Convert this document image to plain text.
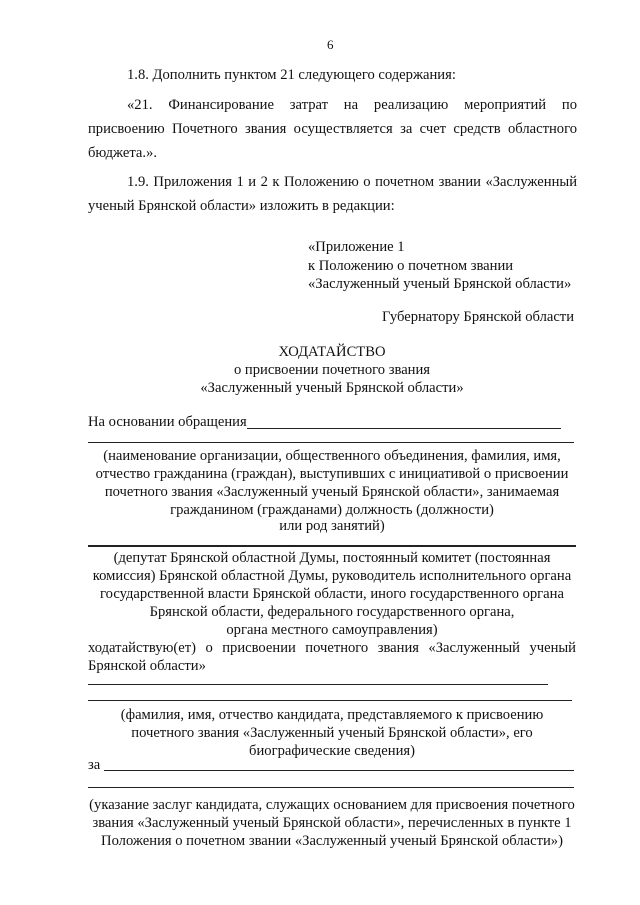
6
1.8. Дополнить пунктом 21 следующего содержания:
«21. Финансирование затрат на реализацию мероприятий по
присвоению Почетного звания осуществляется за счет средств областного
бюджета.».
1.9. Приложения 1 и 2 к Положению о почетном звании «Заслуженный
ученый Брянской области» изложить в редакции:
«Приложение 1
к Положению о почетном звании
«Заслуженный ученый Брянской области»
Губернатору Брянской области
ХОДАТАЙСТВО
о присвоении почетного звания
«Заслуженный ученый Брянской области»
На основании обращения
(наименование организации, общественного объединения, фамилия, имя,
отчество гражданина (граждан), выступивших с инициативой о присвоении
почетного звания «Заслуженный ученый Брянской области», занимаемая
гражданином (гражданами) должность (должности)
или род занятий)
(депутат Брянской областной Думы, постоянный комитет (постоянная
комиссия) Брянской областной Думы, руководитель исполнительного органа
государственной власти Брянской области, иного государственного органа
Брянской области, федерального государственного органа,
органа местного самоуправления)
ходатайствую(ет) о присвоении почетного звания «Заслуженный ученый
Брянской области»
(фамилия, имя, отчество кандидата, представляемого к присвоению
почетного звания «Заслуженный ученый Брянской области», его
биографические сведения)
за
(указание заслуг кандидата, служащих основанием для присвоения почетного
звания «Заслуженный ученый Брянской области», перечисленных в пункте 1
Положения о почетном звании «Заслуженный ученый Брянской области»)
